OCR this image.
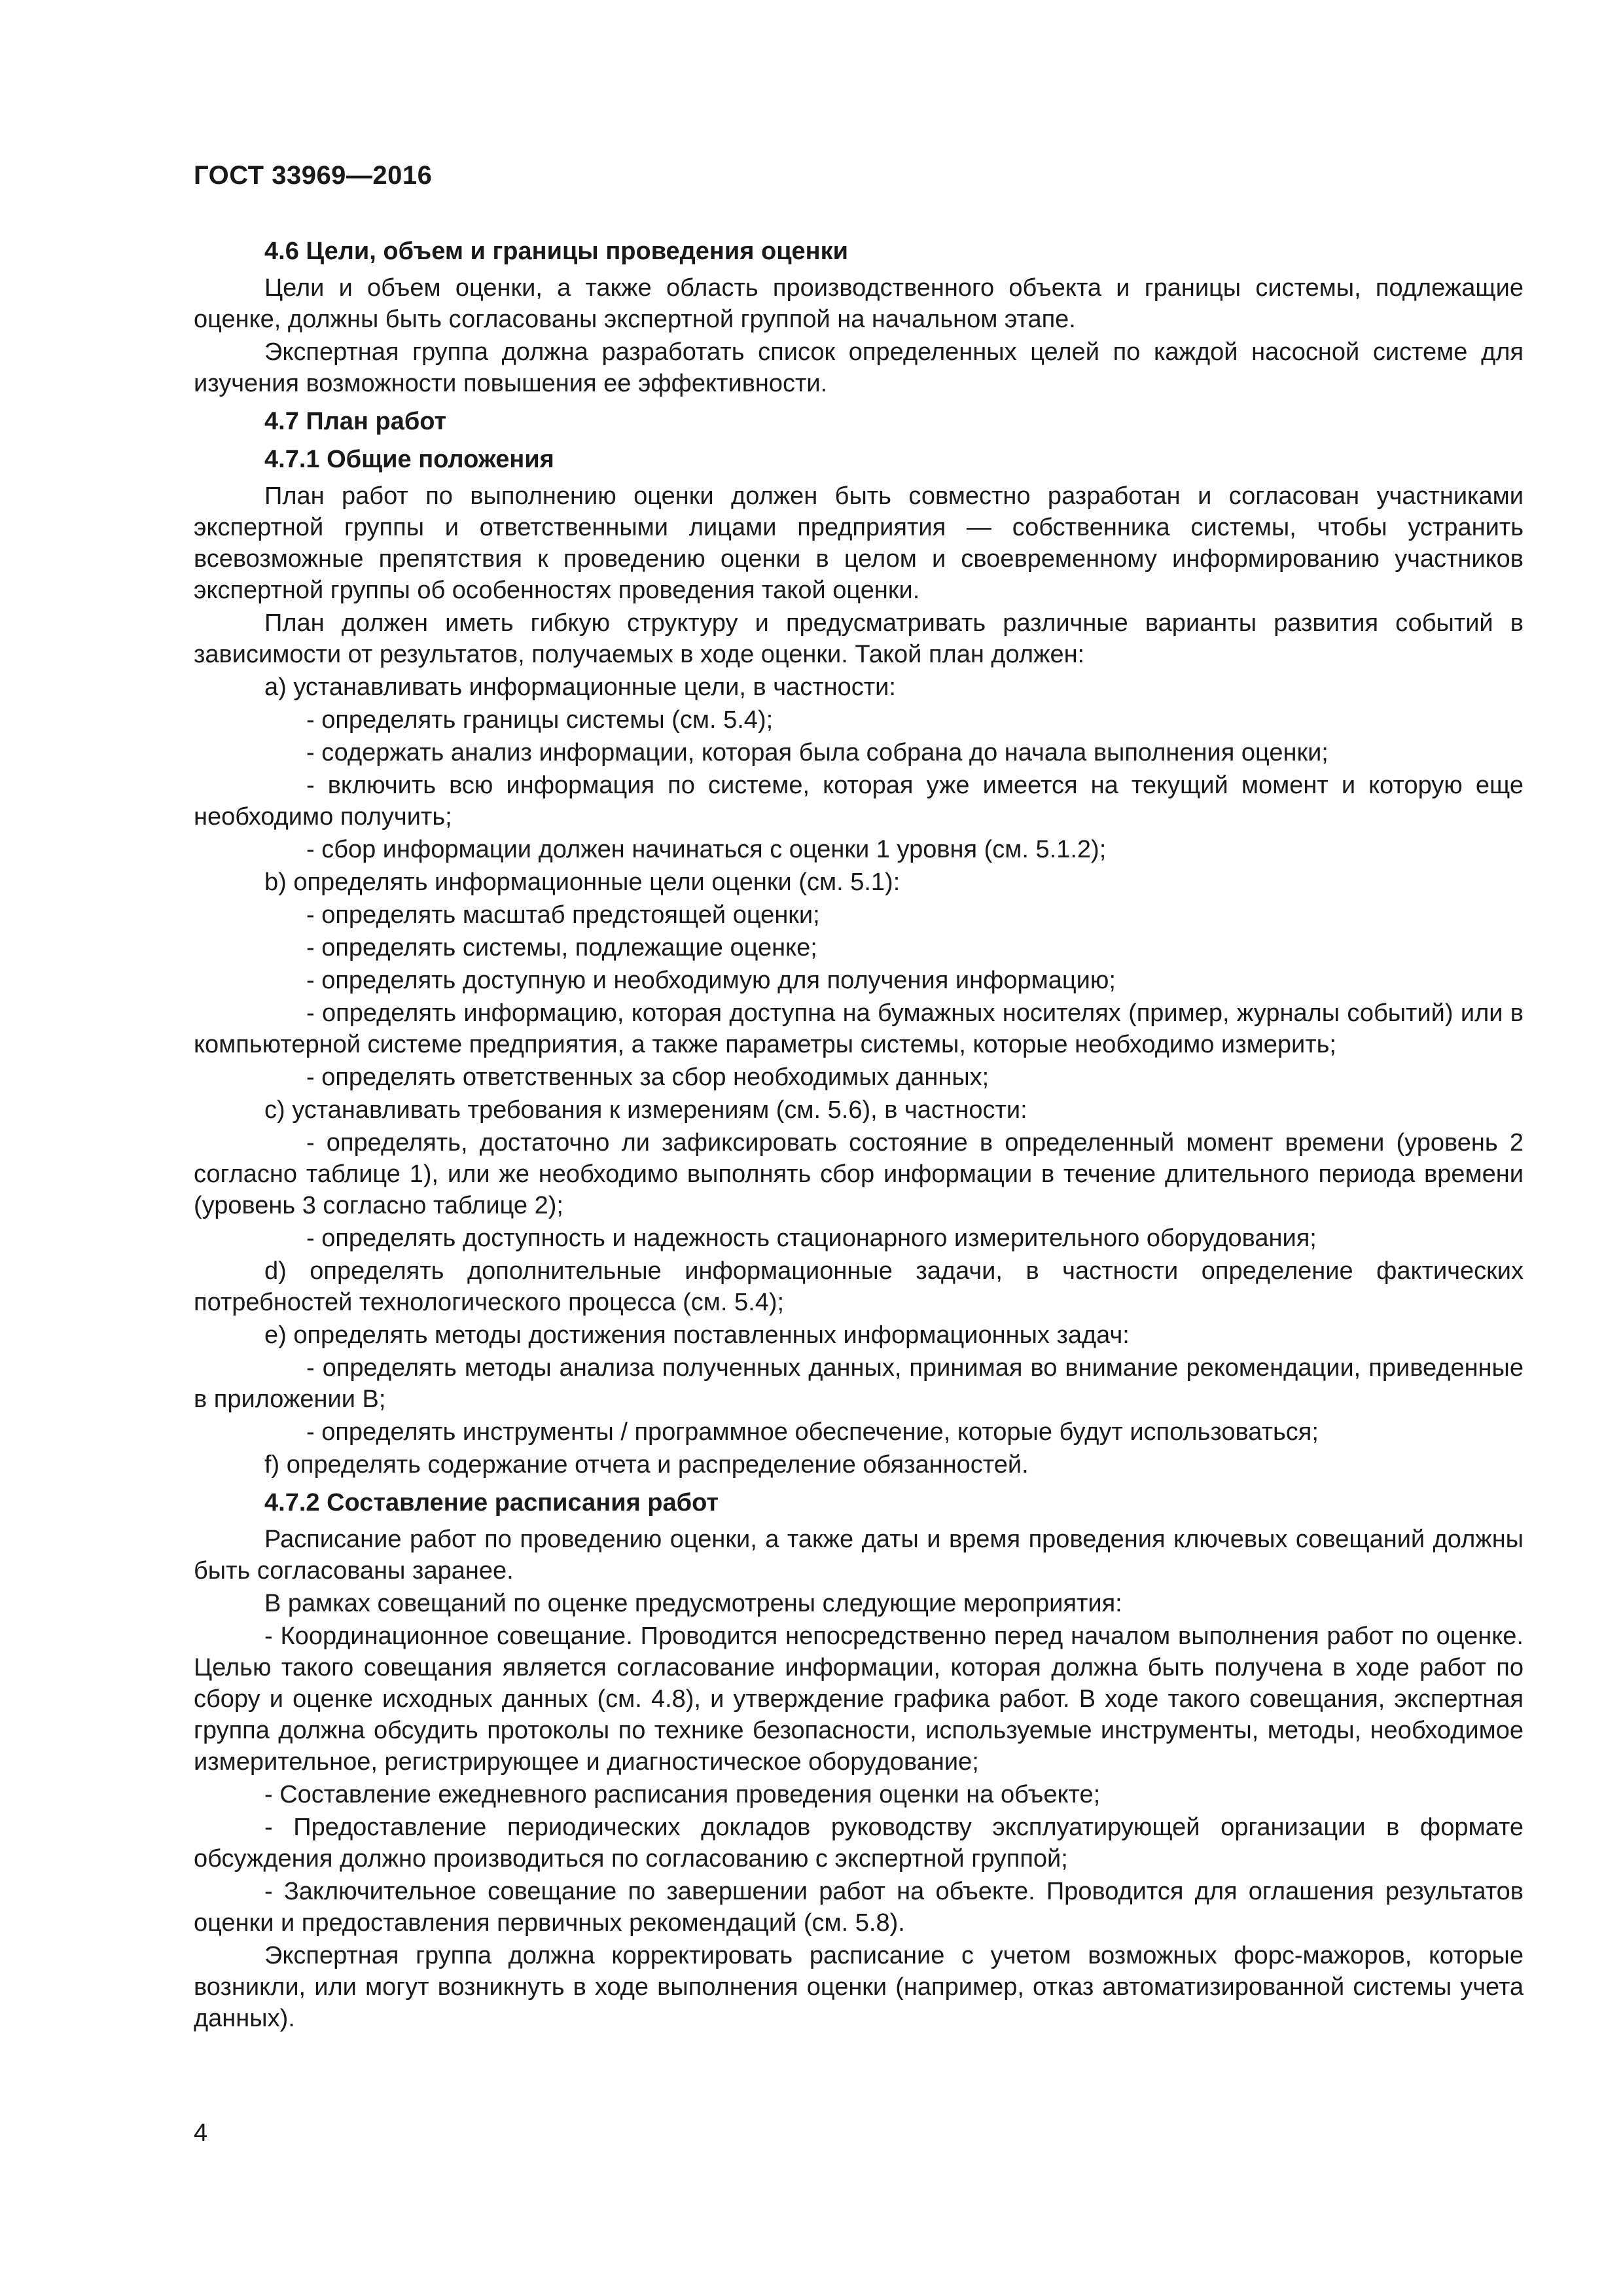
ГОСТ 33969—2016

4.6 Цели, объем и границы проведения оценки

Цели и объем оценки, а также область производственного объекта и границы системы, подлежащие оценке, должны быть согласованы экспертной группой на начальном этапе.

Экспертная группа должна разработать список определенных целей по каждой насосной системе для изучения возможности повышения ее эффективности.

4.7 План работ

4.7.1 Общие положения

План работ по выполнению оценки должен быть совместно разработан и согласован участниками экспертной группы и ответственными лицами предприятия — собственника системы, чтобы устранить всевозможные препятствия к проведению оценки в целом и своевременному информированию участников экспертной группы об особенностях проведения такой оценки.

План должен иметь гибкую структуру и предусматривать различные варианты развития событий в зависимости от результатов, получаемых в ходе оценки. Такой план должен:

a) устанавливать информационные цели, в частности:

- определять границы системы (см. 5.4);

- содержать анализ информации, которая была собрана до начала выполнения оценки;

- включить всю информация по системе, которая уже имеется на текущий момент и которую еще необходимо получить;

- сбор информации должен начинаться с оценки 1 уровня (см. 5.1.2);

b) определять информационные цели оценки (см. 5.1):

- определять масштаб предстоящей оценки;

- определять системы, подлежащие оценке;

- определять доступную и необходимую для получения информацию;

- определять информацию, которая доступна на бумажных носителях (пример, журналы событий) или в компьютерной системе предприятия, а также параметры системы, которые необходимо измерить;

- определять ответственных за сбор необходимых данных;

c) устанавливать требования к измерениям (см. 5.6), в частности:

- определять, достаточно ли зафиксировать состояние в определенный момент времени (уровень 2 согласно таблице 1), или же необходимо выполнять сбор информации в течение длительного периода времени (уровень 3 согласно таблице 2);

- определять доступность и надежность стационарного измерительного оборудования;

d) определять дополнительные информационные задачи, в частности определение фактических потребностей технологического процесса (см. 5.4);

e) определять методы достижения поставленных информационных задач:

- определять методы анализа полученных данных, принимая во внимание рекомендации, приведенные в приложении B;

- определять инструменты / программное обеспечение, которые будут использоваться;

f) определять содержание отчета и распределение обязанностей.

4.7.2 Составление расписания работ

Расписание работ по проведению оценки, а также даты и время проведения ключевых совещаний должны быть согласованы заранее.

В рамках совещаний по оценке предусмотрены следующие мероприятия:

- Координационное совещание. Проводится непосредственно перед началом выполнения работ по оценке. Целью такого совещания является согласование информации, которая должна быть получена в ходе работ по сбору и оценке исходных данных (см. 4.8), и утверждение графика работ. В ходе такого совещания, экспертная группа должна обсудить протоколы по технике безопасности, используемые инструменты, методы, необходимое измерительное, регистрирующее и диагностическое оборудование;

- Составление ежедневного расписания проведения оценки на объекте;

- Предоставление периодических докладов руководству эксплуатирующей организации в формате обсуждения должно производиться по согласованию с экспертной группой;

- Заключительное совещание по завершении работ на объекте. Проводится для оглашения результатов оценки и предоставления первичных рекомендаций (см. 5.8).

Экспертная группа должна корректировать расписание с учетом возможных форс-мажоров, которые возникли, или могут возникнуть в ходе выполнения оценки (например, отказ автоматизированной системы учета данных).

4
